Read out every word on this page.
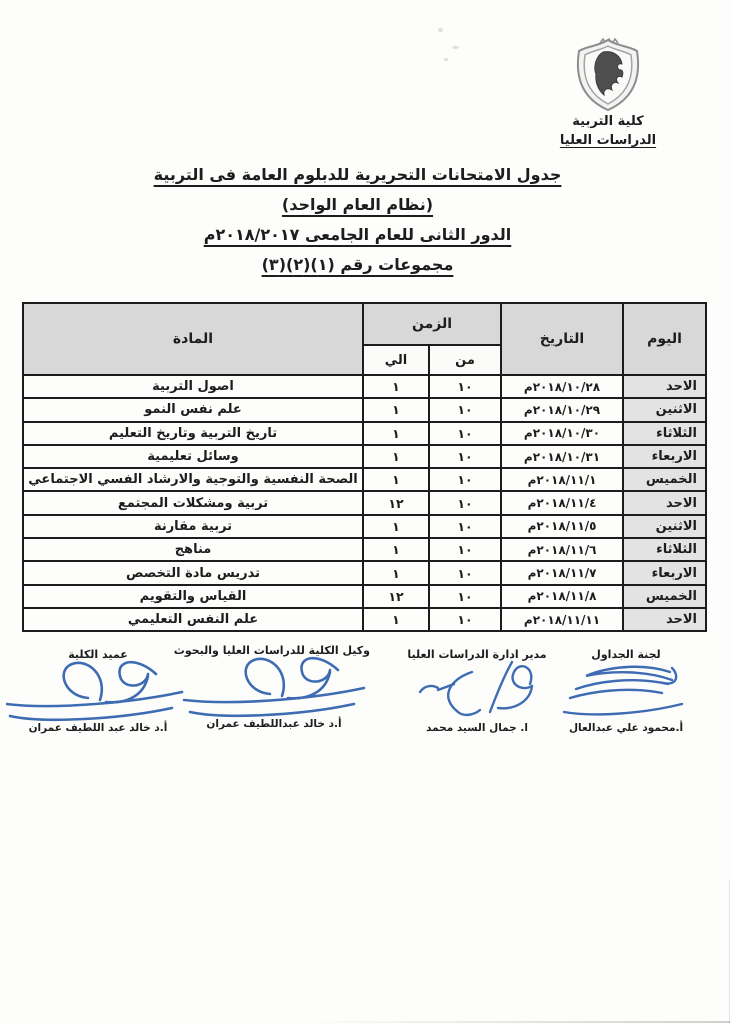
كلية التربية
الدراسات العليا
جدول الامتحانات التحريرية للدبلوم العامة فى التربية
(نظام العام الواحد)
الدور الثانى للعام الجامعى ٢٠١٨/٢٠١٧م
مجموعات رقم (١)(٢)(٣)
اليوم	التاريخ	الزمن		المادة
		من	الي	
الاحد	٢٠١٨/١٠/٢٨م	١٠	١	اصول التربية
الاثنين	٢٠١٨/١٠/٢٩م	١٠	١	علم نفس النمو
الثلاثاء	٢٠١٨/١٠/٣٠م	١٠	١	تاريخ التربية وتاريخ التعليم
الاربعاء	٢٠١٨/١٠/٣١م	١٠	١	وسائل تعليمية
الخميس	٢٠١٨/١١/١م	١٠	١	الصحة النفسية والتوجية والارشاد الفسي الاجتماعي
الاحد	٢٠١٨/١١/٤م	١٠	١٢	تربية ومشكلات المجتمع
الاثنين	٢٠١٨/١١/٥م	١٠	١	تربية مقارنة
الثلاثاء	٢٠١٨/١١/٦م	١٠	١	مناهج
الاربعاء	٢٠١٨/١١/٧م	١٠	١	تدريس مادة التخصص
الخميس	٢٠١٨/١١/٨م	١٠	١٢	القياس والتقويم
الاحد	٢٠١٨/١١/١١م	١٠	١	علم النفس التعليمي
لجنة الجداول
أ.محمود علي عبدالعال
مدير ادارة الدراسات العليا
ا. جمال السيد محمد
وكيل الكلية للدراسات العليا والبحوث
أ.د خالد عبداللطيف عمران
عميد الكلية
أ.د خالد عبد اللطيف عمران
